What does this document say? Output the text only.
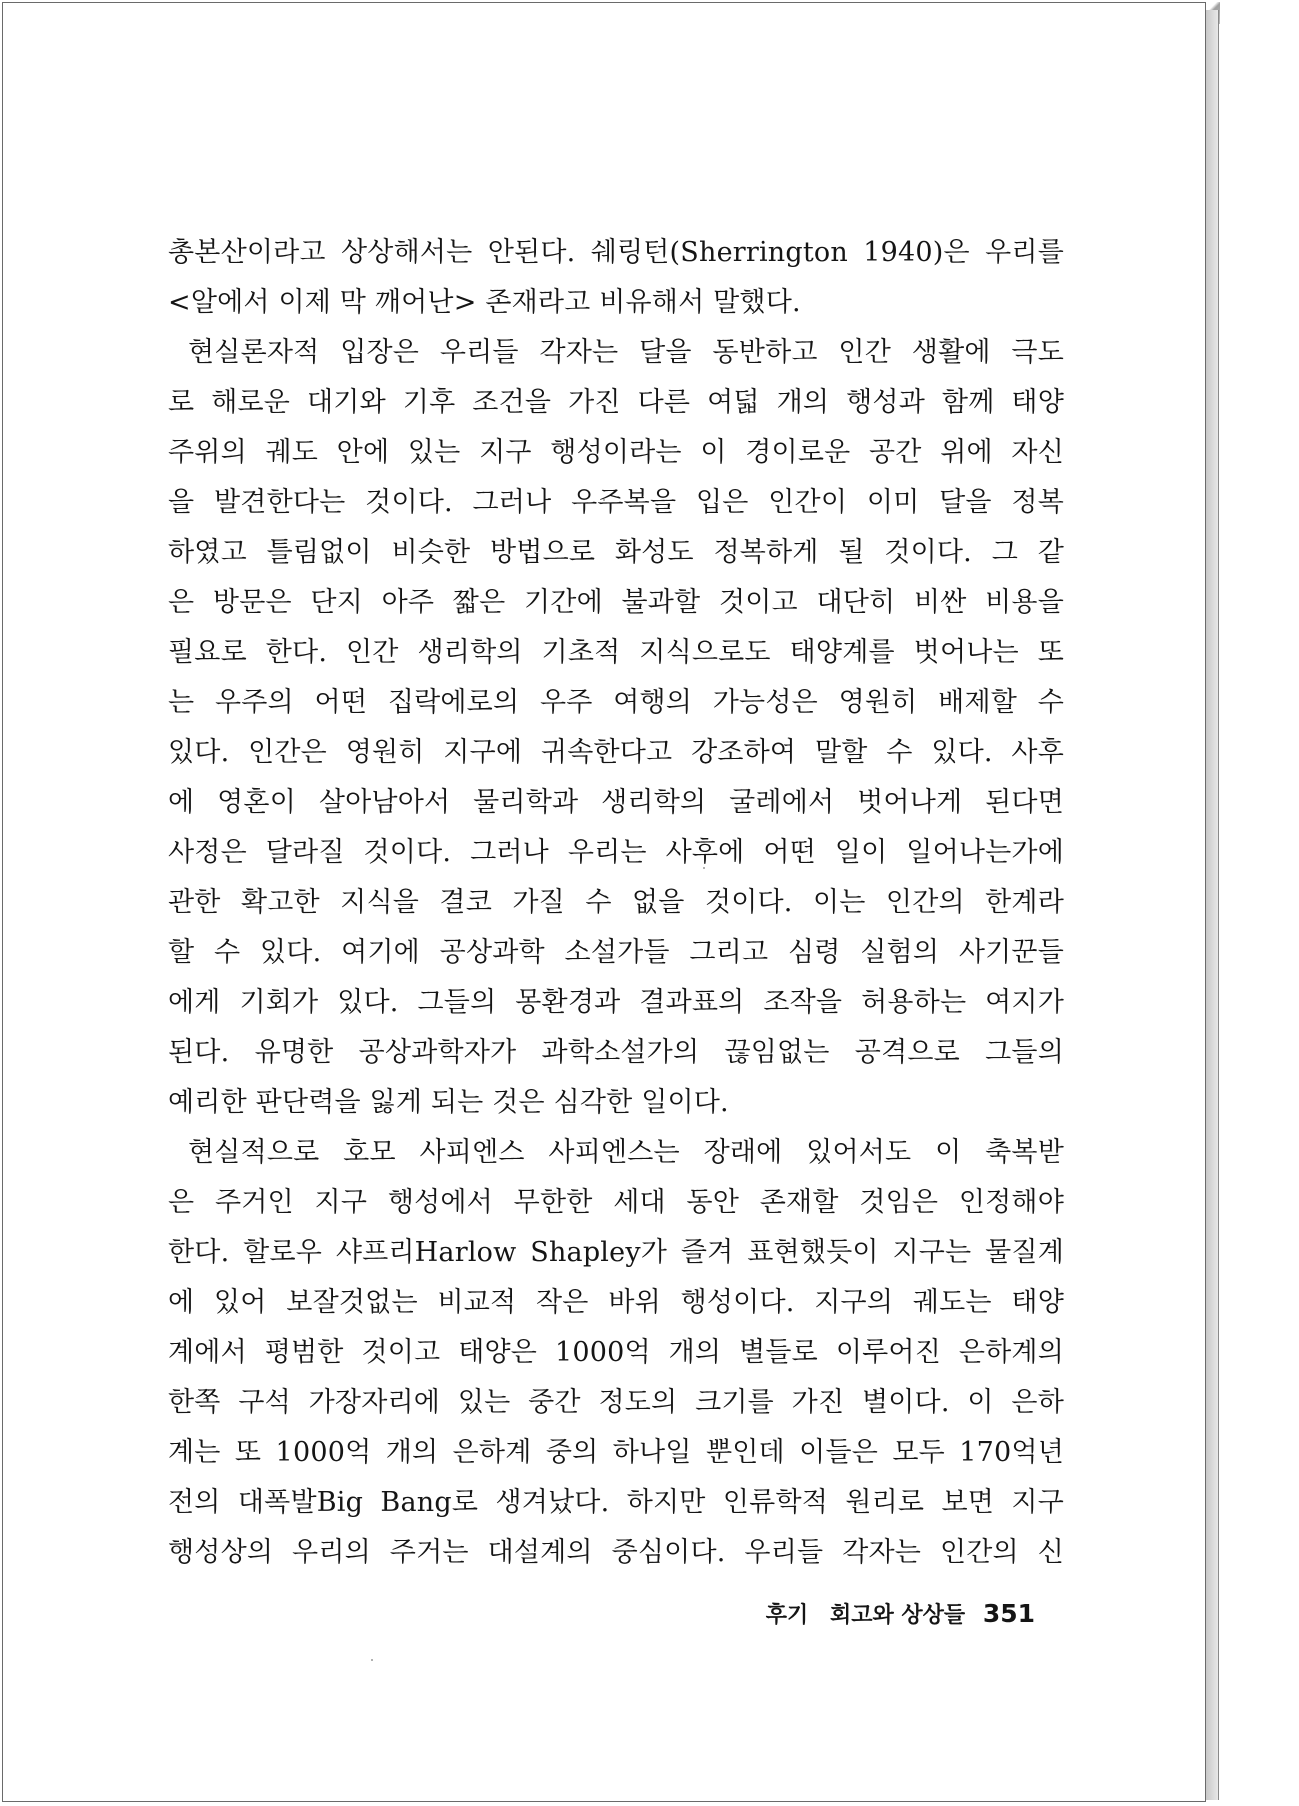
총본산이라고 상상해서는 안된다. 쉐링턴(Sherrington 1940)은 우리를
<알에서 이제 막 깨어난> 존재라고 비유해서 말했다.
현실론자적 입장은 우리들 각자는 달을 동반하고 인간 생활에 극도
로 해로운 대기와 기후 조건을 가진 다른 여덟 개의 행성과 함께 태양
주위의 궤도 안에 있는 지구 행성이라는 이 경이로운 공간 위에 자신
을 발견한다는 것이다. 그러나 우주복을 입은 인간이 이미 달을 정복
하였고 틀림없이 비슷한 방법으로 화성도 정복하게 될 것이다. 그 같
은 방문은 단지 아주 짧은 기간에 불과할 것이고 대단히 비싼 비용을
필요로 한다. 인간 생리학의 기초적 지식으로도 태양계를 벗어나는 또
는 우주의 어떤 집락에로의 우주 여행의 가능성은 영원히 배제할 수
있다. 인간은 영원히 지구에 귀속한다고 강조하여 말할 수 있다. 사후
에 영혼이 살아남아서 물리학과 생리학의 굴레에서 벗어나게 된다면
사정은 달라질 것이다. 그러나 우리는 사후에 어떤 일이 일어나는가에
관한 확고한 지식을 결코 가질 수 없을 것이다. 이는 인간의 한계라
할 수 있다. 여기에 공상과학 소설가들 그리고 심령 실험의 사기꾼들
에게 기회가 있다. 그들의 몽환경과 결과표의 조작을 허용하는 여지가
된다. 유명한 공상과학자가 과학소설가의 끊임없는 공격으로 그들의
예리한 판단력을 잃게 되는 것은 심각한 일이다.
현실적으로 호모 사피엔스 사피엔스는 장래에 있어서도 이 축복받
은 주거인 지구 행성에서 무한한 세대 동안 존재할 것임은 인정해야
한다. 할로우 샤프리Harlow Shapley가 즐겨 표현했듯이 지구는 물질계
에 있어 보잘것없는 비교적 작은 바위 행성이다. 지구의 궤도는 태양
계에서 평범한 것이고 태양은 1000억 개의 별들로 이루어진 은하계의
한쪽 구석 가장자리에 있는 중간 정도의 크기를 가진 별이다. 이 은하
계는 또 1000억 개의 은하계 중의 하나일 뿐인데 이들은 모두 170억년
전의 대폭발Big Bang로 생겨났다. 하지만 인류학적 원리로 보면 지구
행성상의 우리의 주거는 대설계의 중심이다. 우리들 각자는 인간의 신
후기 회고와 상상들 351
